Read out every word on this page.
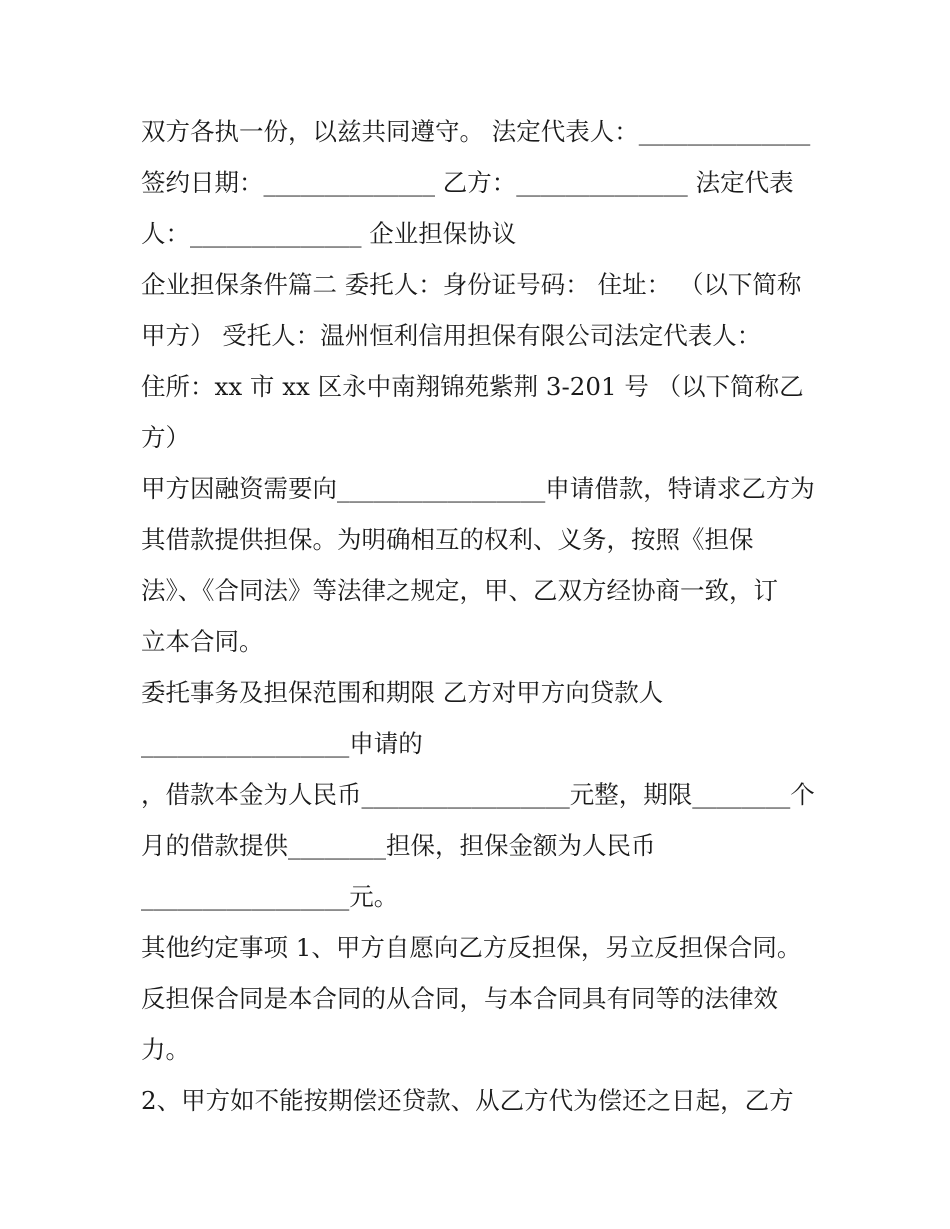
双方各执一份，以兹共同遵守。 法定代表人：______________
签约日期：______________ 乙方：______________ 法定代表
人：______________ 企业担保协议
企业担保条件篇二 委托人：身份证号码： 住址： （以下简称
甲方） 受托人：温州恒利信用担保有限公司法定代表人：
住所：xx 市 xx 区永中南翔锦苑紫荆 3-201 号 （以下简称乙
方）
甲方因融资需要向_________________申请借款，特请求乙方为
其借款提供担保。为明确相互的权利、义务，按照《担保
法》、《合同法》等法律之规定，甲、乙双方经协商一致，订
立本合同。
委托事务及担保范围和期限 乙方对甲方向贷款人
_________________申请的
，借款本金为人民币_________________元整，期限________个
月的借款提供________担保，担保金额为人民币
_________________元。
其他约定事项 1、甲方自愿向乙方反担保，另立反担保合同。
反担保合同是本合同的从合同，与本合同具有同等的法律效
力。
2、甲方如不能按期偿还贷款、从乙方代为偿还之日起，乙方
